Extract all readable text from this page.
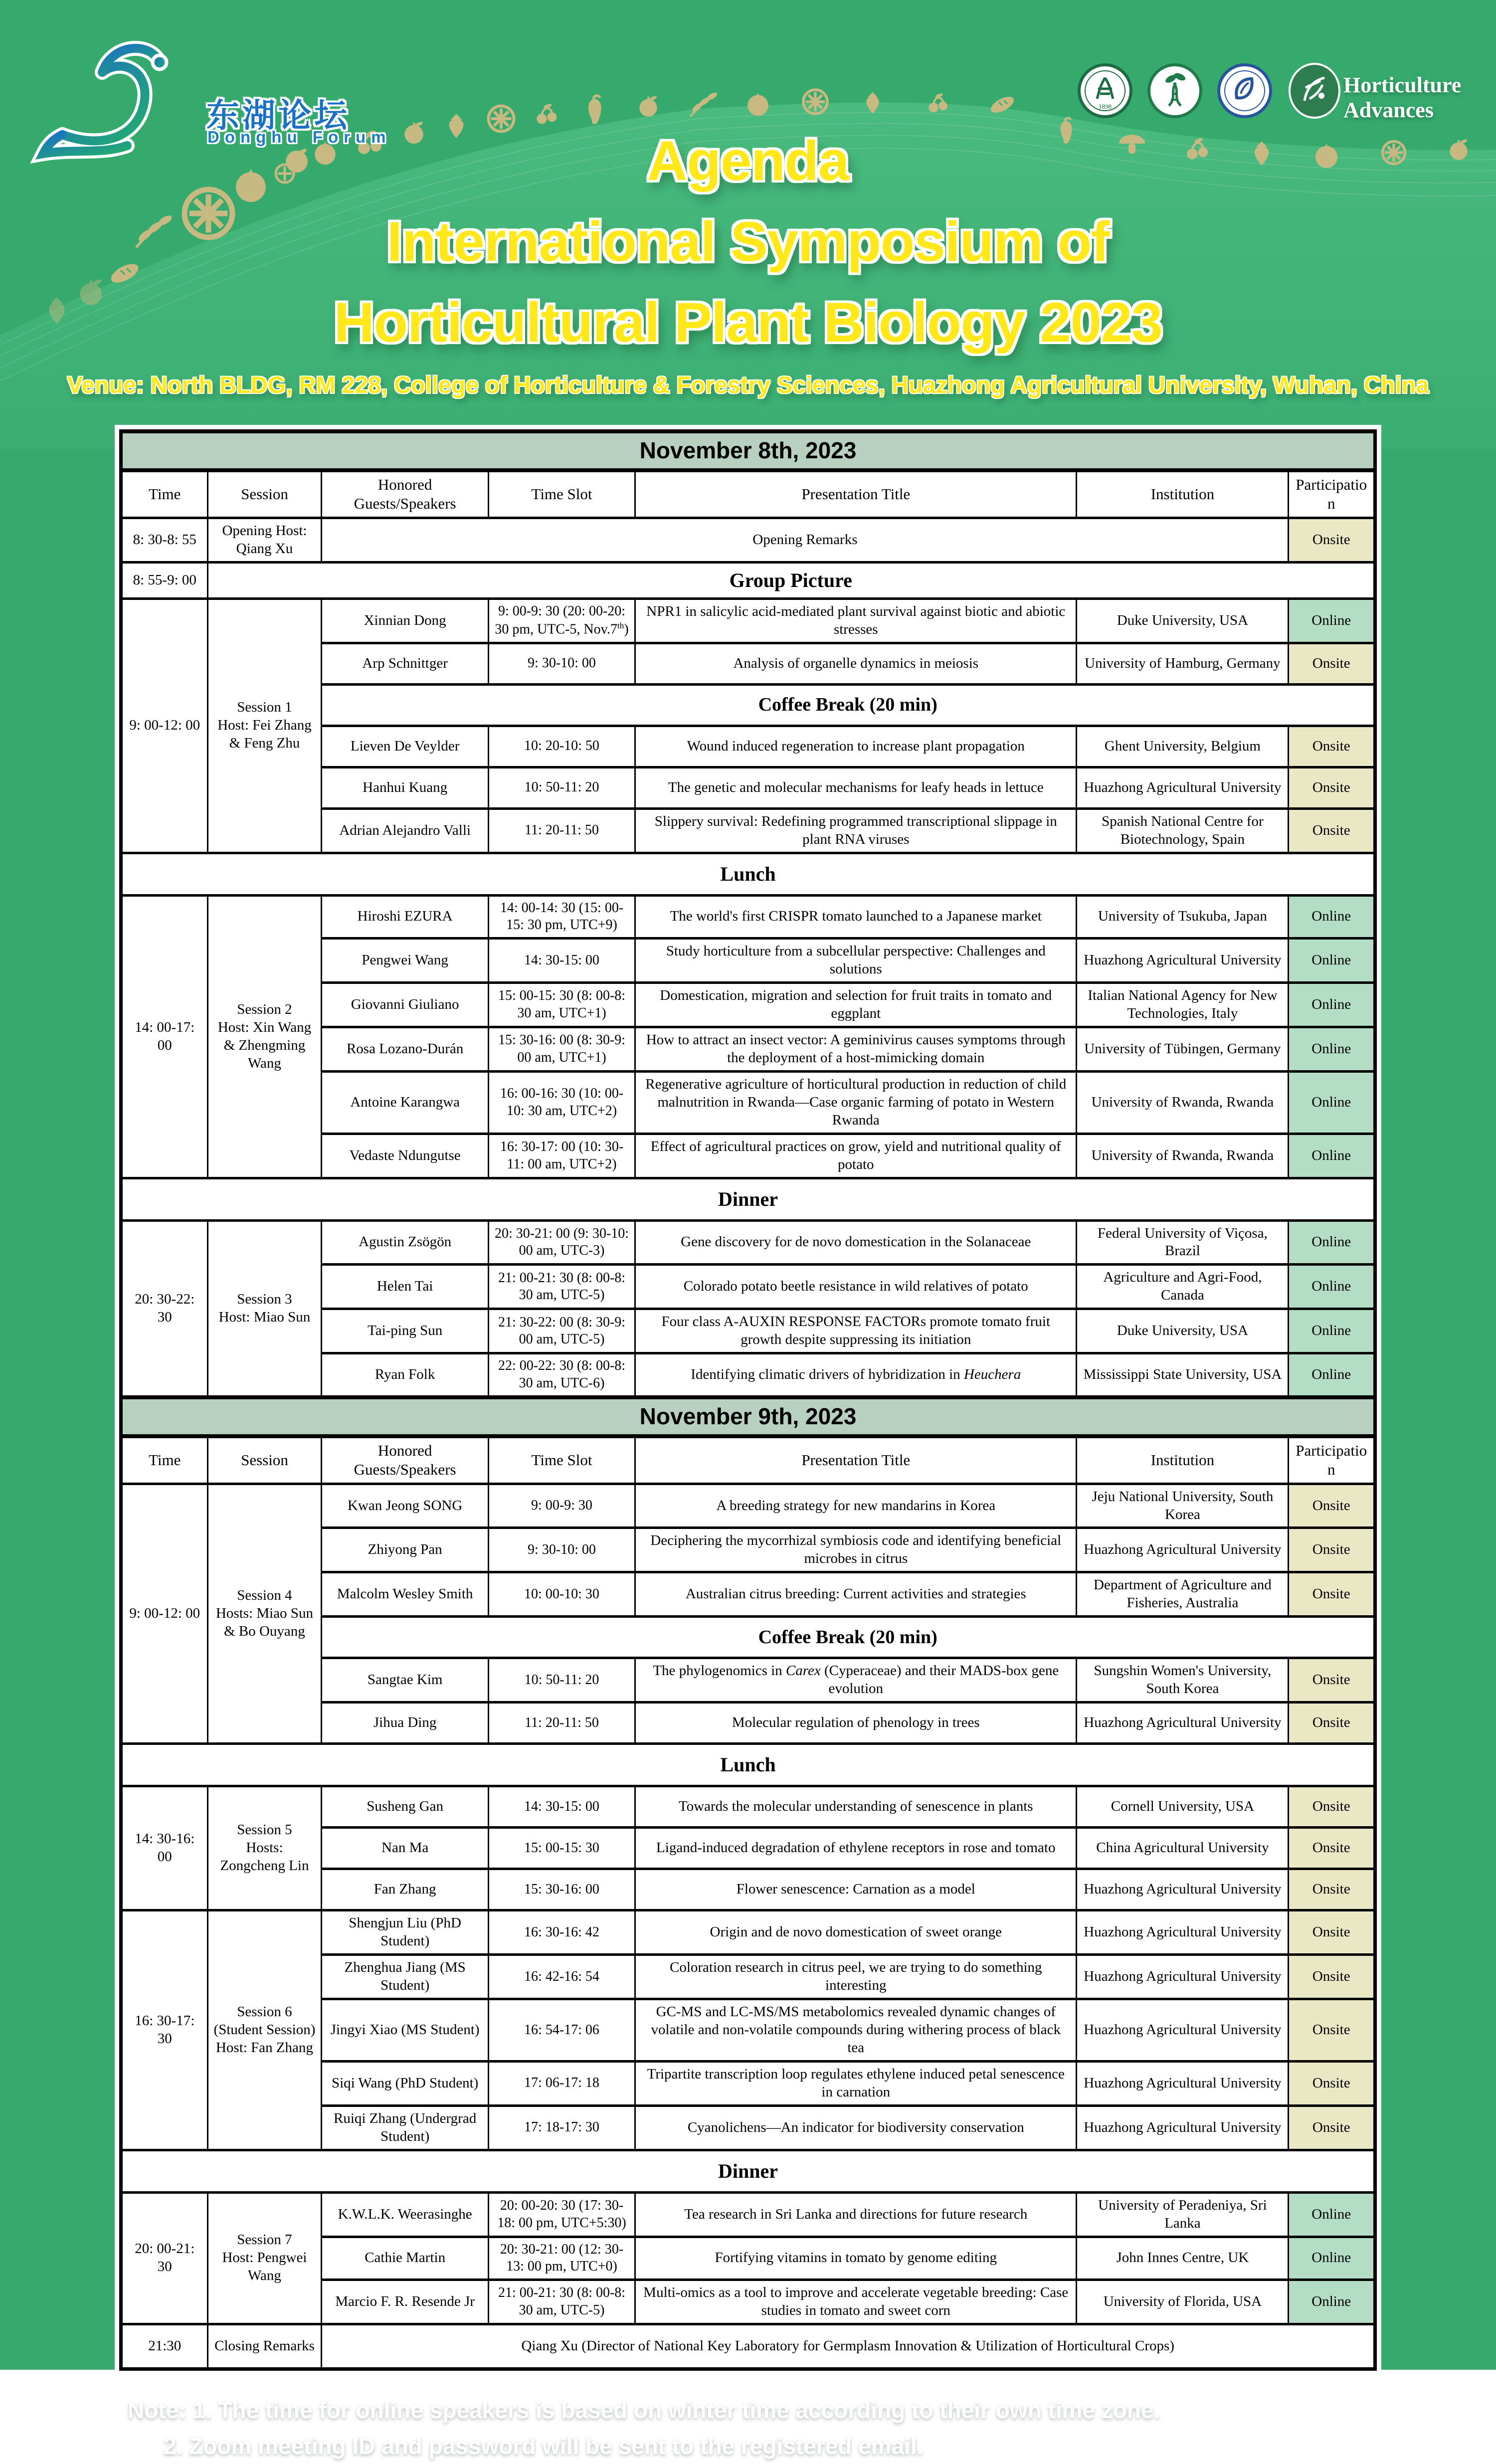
东湖论坛
Donghu Forum
1898
Horticulture
Advances
Agenda
International Symposium of
Horticultural Plant Biology 2023
Venue: North BLDG, RM 228, College of Horticulture & Forestry Sciences, Huazhong Agricultural University, Wuhan, China
November 8th, 2023						
Time	Session	Honored Guests/Speakers	Time Slot	Presentation Title	Institution	Participation
8: 30-8: 55	Opening Host:
Qiang Xu	Opening Remarks				Onsite
8: 55-9: 00	Group Picture					
9: 00-12: 00	Session 1
Host: Fei Zhang & Feng Zhu	Xinnian Dong	9: 00-9: 30 (20: 00-20: 30 pm, UTC-5, Nov.7th)	NPR1 in salicylic acid-mediated plant survival against biotic and abiotic stresses	Duke University, USA	Online
		Arp Schnittger	9: 30-10: 00	Analysis of organelle dynamics in meiosis	University of Hamburg, Germany	Onsite
		Coffee Break (20 min)				
		Lieven De Veylder	10: 20-10: 50	Wound induced regeneration to increase plant propagation	Ghent University, Belgium	Onsite
		Hanhui Kuang	10: 50-11: 20	The genetic and molecular mechanisms for leafy heads in lettuce	Huazhong Agricultural University	Onsite
		Adrian Alejandro Valli	11: 20-11: 50	Slippery survival: Redefining programmed transcriptional slippage in plant RNA viruses	Spanish National Centre for Biotechnology, Spain	Onsite
Lunch						
14: 00-17: 00	Session 2
Host: Xin Wang & Zhengming Wang	Hiroshi EZURA	14: 00-14: 30 (15: 00-15: 30 pm, UTC+9)	The world's first CRISPR tomato launched to a Japanese market	University of Tsukuba, Japan	Online
		Pengwei Wang	14: 30-15: 00	Study horticulture from a subcellular perspective: Challenges and solutions	Huazhong Agricultural University	Online
		Giovanni Giuliano	15: 00-15: 30 (8: 00-8: 30 am, UTC+1)	Domestication, migration and selection for fruit traits in tomato and eggplant	Italian National Agency for New Technologies, Italy	Online
		Rosa Lozano-Durán	15: 30-16: 00 (8: 30-9: 00 am, UTC+1)	How to attract an insect vector: A geminivirus causes symptoms through the deployment of a host-mimicking domain	University of Tübingen, Germany	Online
		Antoine Karangwa	16: 00-16: 30 (10: 00-10: 30 am, UTC+2)	Regenerative agriculture of horticultural production in reduction of child malnutrition in Rwanda—Case organic farming of potato in Western Rwanda	University of Rwanda, Rwanda	Online
		Vedaste Ndungutse	16: 30-17: 00 (10: 30-11: 00 am, UTC+2)	Effect of agricultural practices on grow, yield and nutritional quality of potato	University of Rwanda, Rwanda	Online
Dinner						
20: 30-22: 30	Session 3
Host: Miao Sun	Agustin Zsögön	20: 30-21: 00 (9: 30-10: 00 am, UTC-3)	Gene discovery for de novo domestication in the Solanaceae	Federal University of Viçosa, Brazil	Online
		Helen Tai	21: 00-21: 30 (8: 00-8: 30 am, UTC-5)	Colorado potato beetle resistance in wild relatives of potato	Agriculture and Agri-Food, Canada	Online
		Tai-ping Sun	21: 30-22: 00 (8: 30-9: 00 am, UTC-5)	Four class A-AUXIN RESPONSE FACTORs promote tomato fruit growth despite suppressing its initiation	Duke University, USA	Online
		Ryan Folk	22: 00-22: 30 (8: 00-8: 30 am, UTC-6)	Identifying climatic drivers of hybridization in Heuchera	Mississippi State University, USA	Online
November 9th, 2023						
Time	Session	Honored Guests/Speakers	Time Slot	Presentation Title	Institution	Participation
9: 00-12: 00	Session 4
Hosts: Miao Sun & Bo Ouyang	Kwan Jeong SONG	9: 00-9: 30	A breeding strategy for new mandarins in Korea	Jeju National University, South Korea	Onsite
		Zhiyong Pan	9: 30-10: 00	Deciphering the mycorrhizal symbiosis code and identifying beneficial microbes in citrus	Huazhong Agricultural University	Onsite
		Malcolm Wesley Smith	10: 00-10: 30	Australian citrus breeding: Current activities and strategies	Department of Agriculture and Fisheries, Australia	Onsite
		Coffee Break (20 min)				
		Sangtae Kim	10: 50-11: 20	The phylogenomics in Carex (Cyperaceae) and their MADS-box gene evolution	Sungshin Women's University, South Korea	Onsite
		Jihua Ding	11: 20-11: 50	Molecular regulation of phenology in trees	Huazhong Agricultural University	Onsite
Lunch						
14: 30-16: 00	Session 5
Hosts: Zongcheng Lin	Susheng Gan	14: 30-15: 00	Towards the molecular understanding of senescence in plants	Cornell University, USA	Onsite
		Nan Ma	15: 00-15: 30	Ligand-induced degradation of ethylene receptors in rose and tomato	China Agricultural University	Onsite
		Fan Zhang	15: 30-16: 00	Flower senescence: Carnation as a model	Huazhong Agricultural University	Onsite
16: 30-17: 30	Session 6
(Student Session)
Host: Fan Zhang	Shengjun Liu (PhD Student)	16: 30-16: 42	Origin and de novo domestication of sweet orange	Huazhong Agricultural University	Onsite
		Zhenghua Jiang (MS Student)	16: 42-16: 54	Coloration research in citrus peel, we are trying to do something interesting	Huazhong Agricultural University	Onsite
		Jingyi Xiao (MS Student)	16: 54-17: 06	GC-MS and LC-MS/MS metabolomics revealed dynamic changes of volatile and non-volatile compounds during withering process of black tea	Huazhong Agricultural University	Onsite
		Siqi Wang (PhD Student)	17: 06-17: 18	Tripartite transcription loop regulates ethylene induced petal senescence in carnation	Huazhong Agricultural University	Onsite
		Ruiqi Zhang (Undergrad Student)	17: 18-17: 30	Cyanolichens—An indicator for biodiversity conservation	Huazhong Agricultural University	Onsite
Dinner						
20: 00-21: 30	Session 7
Host: Pengwei Wang	K.W.L.K. Weerasinghe	20: 00-20: 30 (17: 30-18: 00 pm, UTC+5:30)	Tea research in Sri Lanka and directions for future research	University of Peradeniya, Sri Lanka	Online
		Cathie Martin	20: 30-21: 00 (12: 30-13: 00 pm, UTC+0)	Fortifying vitamins in tomato by genome editing	John Innes Centre, UK	Online
		Marcio F. R. Resende Jr	21: 00-21: 30 (8: 00-8: 30 am, UTC-5)	Multi-omics as a tool to improve and accelerate vegetable breeding: Case studies in tomato and sweet corn	University of Florida, USA	Online
21:30	Closing Remarks	Qiang Xu (Director of National Key Laboratory for Germplasm Innovation & Utilization of Horticultural Crops)				
Note: 1. The time for online speakers is based on winter time according to their own time zone.
2. Zoom meeting ID and password will be sent to the registered email.
